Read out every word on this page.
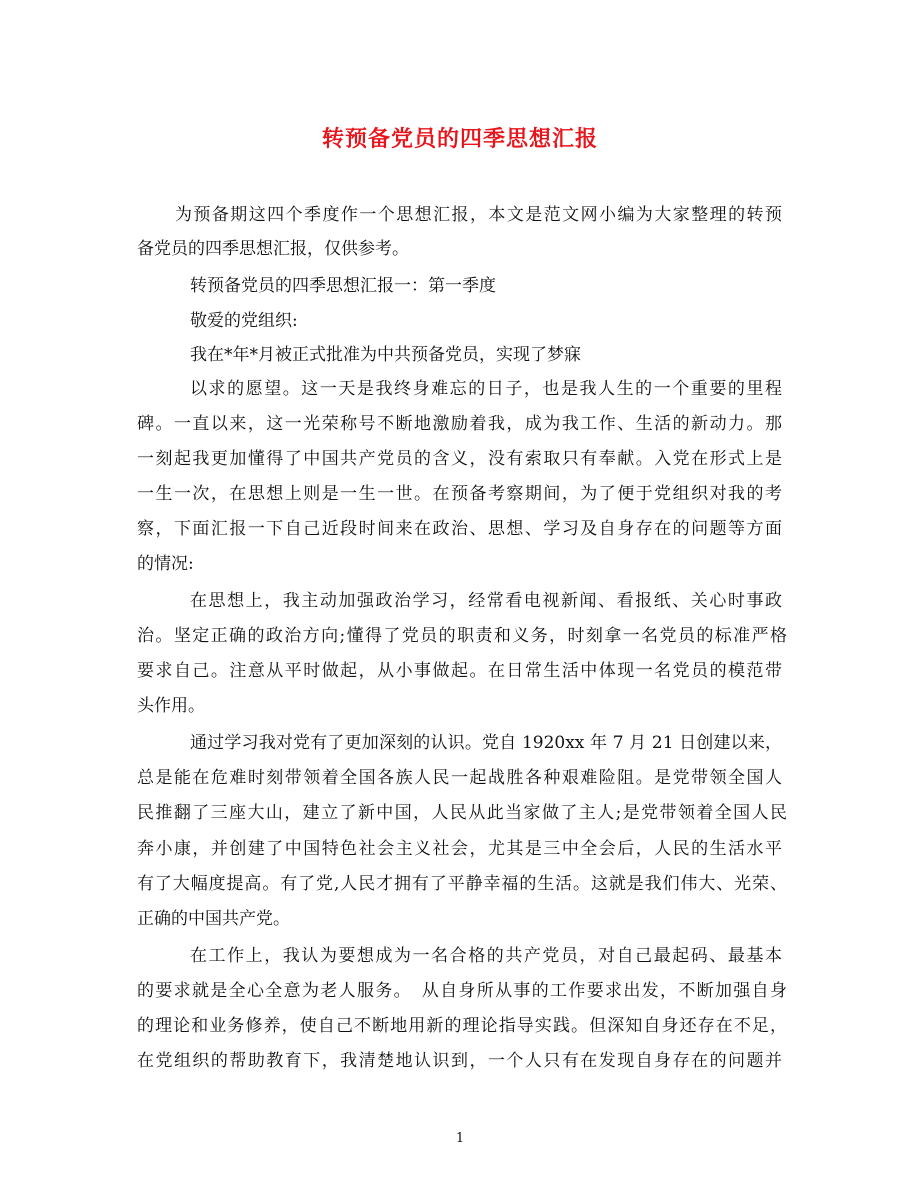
转预备党员的四季思想汇报
为预备期这四个季度作一个思想汇报，本文是范文网小编为大家整理的转预
备党员的四季思想汇报，仅供参考。
转预备党员的四季思想汇报一：第一季度
敬爱的党组织:
我在*年*月被正式批准为中共预备党员，实现了梦寐
以求的愿望。这一天是我终身难忘的日子，也是我人生的一个重要的里程
碑。一直以来，这一光荣称号不断地激励着我，成为我工作、生活的新动力。那
一刻起我更加懂得了中国共产党员的含义，没有索取只有奉献。入党在形式上是
一生一次，在思想上则是一生一世。在预备考察期间，为了便于党组织对我的考
察，下面汇报一下自己近段时间来在政治、思想、学习及自身存在的问题等方面
的情况:
在思想上，我主动加强政治学习，经常看电视新闻、看报纸、关心时事政
治。坚定正确的政治方向;懂得了党员的职责和义务，时刻拿一名党员的标准严格
要求自己。注意从平时做起，从小事做起。在日常生活中体现一名党员的模范带
头作用。
通过学习我对党有了更加深刻的认识。党自 1920xx 年 7 月 21 日创建以来，
总是能在危难时刻带领着全国各族人民一起战胜各种艰难险阻。是党带领全国人
民推翻了三座大山，建立了新中国，人民从此当家做了主人;是党带领着全国人民
奔小康，并创建了中国特色社会主义社会，尤其是三中全会后，人民的生活水平
有了大幅度提高。有了党,人民才拥有了平静幸福的生活。这就是我们伟大、光荣、
正确的中国共产党。
在工作上，我认为要想成为一名合格的共产党员，对自己最起码、最基本
的要求就是全心全意为老人服务。　从自身所从事的工作要求出发，不断加强自身
的理论和业务修养，使自己不断地用新的理论指导实践。但深知自身还存在不足，
在党组织的帮助教育下，我清楚地认识到，一个人只有在发现自身存在的问题并
1
